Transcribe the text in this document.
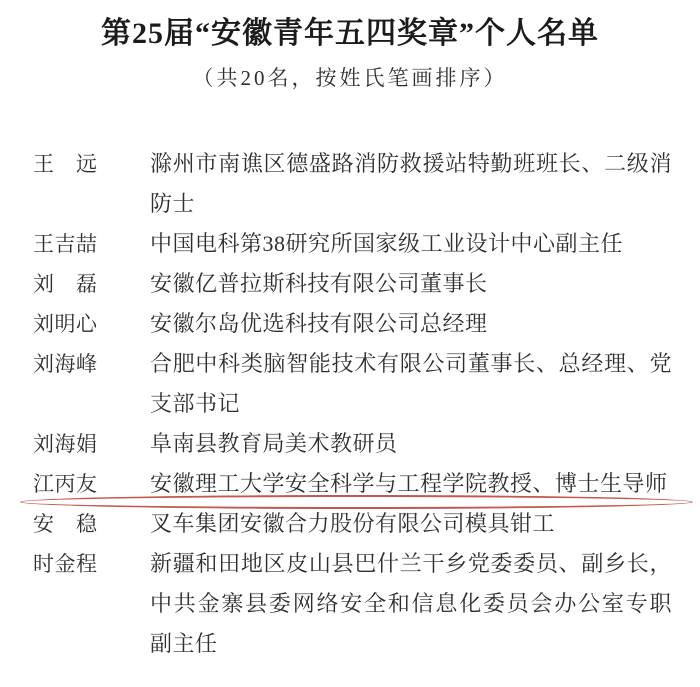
第25届“安徽青年五四奖章”个人名单
（共20名，按姓氏笔画排序）
王远 滁州市南谯区德盛路消防救援站特勤班班长、二级消
防士
王吉喆 中国电科第38研究所国家级工业设计中心副主任
刘磊 安徽亿普拉斯科技有限公司董事长
刘明心 安徽尔岛优选科技有限公司总经理
刘海峰 合肥中科类脑智能技术有限公司董事长、总经理、党
支部书记
刘海娟 阜南县教育局美术教研员
江丙友 安徽理工大学安全科学与工程学院教授、博士生导师
安稳 叉车集团安徽合力股份有限公司模具钳工
时金程 新疆和田地区皮山县巴什兰干乡党委委员、副乡长，
中共金寨县委网络安全和信息化委员会办公室专职
副主任
